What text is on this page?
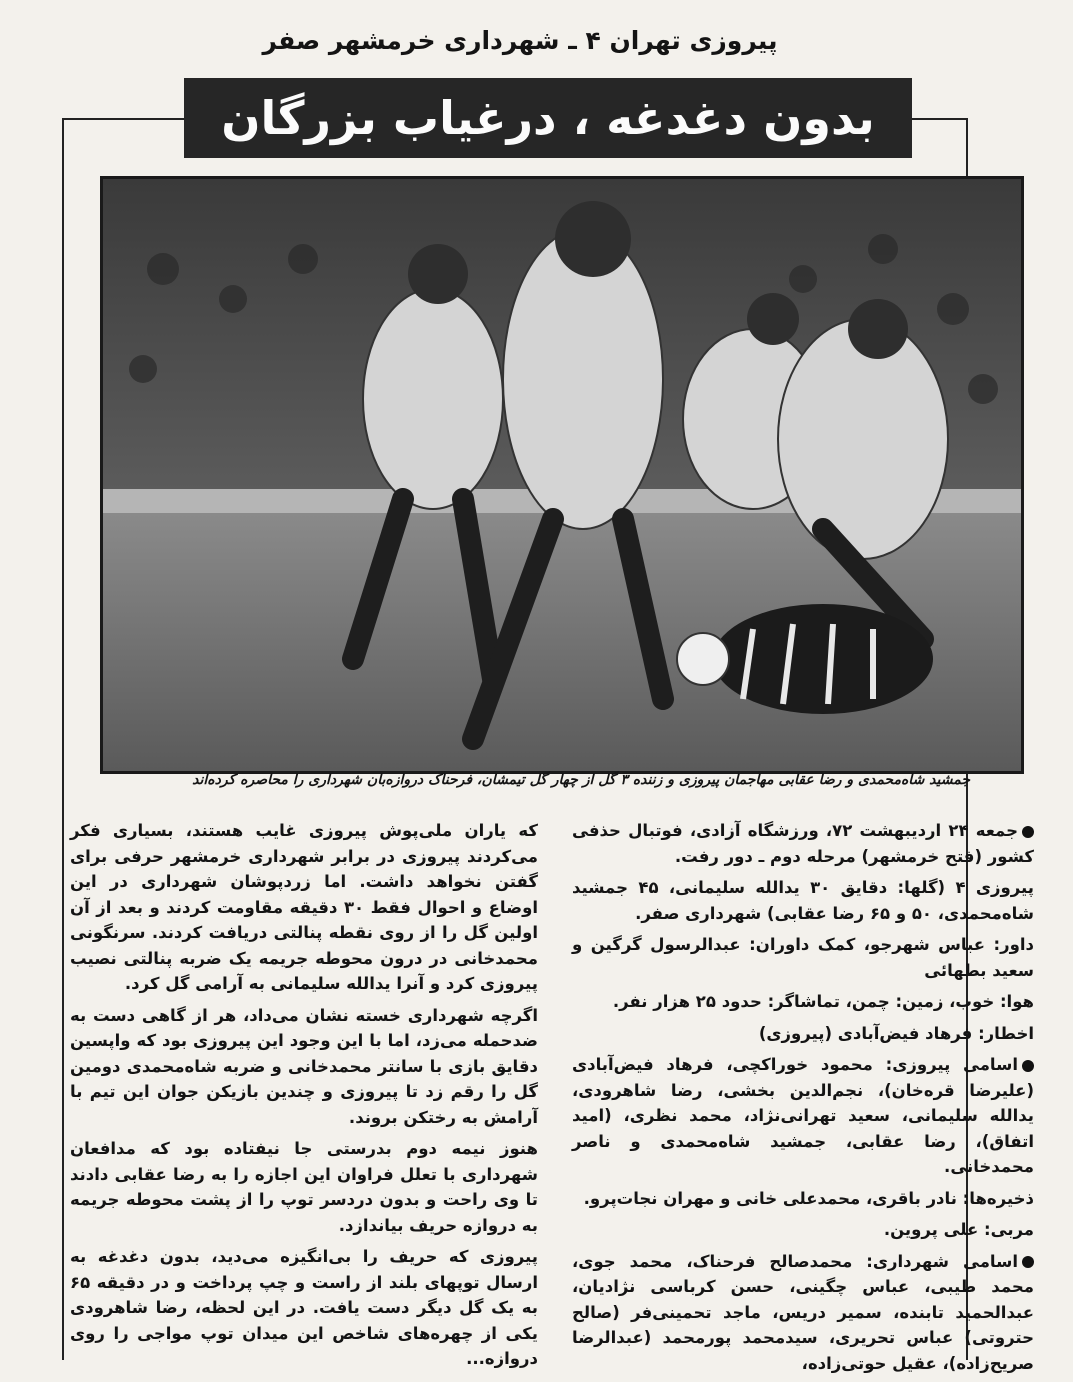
پیروزی تهران ۴ ـ شهرداری خرمشهر صفر
بدون دغدغه ، درغیاب بزرگان
جمشید شاه‌محمدی و رضا عقابی مهاجمان پیروزی و زننده ۳ گل از چهار گل تیمشان، فرحناک دروازه‌بان شهرداری را محاصره کرده‌اند

جمعه ۲۴ اردیبهشت ۷۲، ورزشگاه آزادی، فوتبال حذفی کشور (فتح خرمشهر) مرحله دوم ـ دور رفت.

پیروزی ۴ (گلها: دقایق ۳۰ یدالله سلیمانی، ۴۵ جمشید شاه‌محمدی، ۵۰ و ۶۵ رضا عقابی) شهرداری صفر.

داور: عباس شهرجو، کمک داوران: عبدالرسول گرگین و سعید بطهائی

هوا: خوب، زمین: چمن، تماشاگر: حدود ۲۵ هزار نفر.

اخطار: فرهاد فیض‌آبادی (پیروزی)

اسامی پیروزی: محمود خوراکچی، فرهاد فیض‌آبادی (علیرضا قره‌خان)، نجم‌الدین بخشی، رضا شاهرودی، یدالله سلیمانی، سعید تهرانی‌نژاد، محمد نظری، (امید اتفاق)، رضا عقابی، جمشید شاه‌محمدی و ناصر محمدخانی.

ذخیره‌ها: نادر باقری، محمدعلی خانی و مهران نجات‌پرو.

مربی: علی پروین.

اسامی شهرداری: محمدصالح فرحناک، محمد جوی، محمد طیبی، عباس چگینی، حسن کرباسی نژادیان، عبدالحمید تابنده، سمیر دریس، ماجد تحمینی‌فر (صالح حتروتی) عباس تحریری، سیدمحمد پورمحمد (عبدالرضا صریح‌زاده)، عقیل حوتی‌زاده،

که یاران ملی‌پوش پیروزی غایب هستند، بسیاری فکر می‌کردند پیروزی در برابر شهرداری خرمشهر حرفی برای گفتن نخواهد داشت. اما زردپوشان شهرداری در این اوضاع و احوال فقط ۳۰ دقیقه مقاومت کردند و بعد از آن اولین گل را از روی نقطه پنالتی دریافت کردند. سرنگونی محمدخانی در درون محوطه جریمه یک ضربه پنالتی نصیب پیروزی کرد و آنرا یدالله سلیمانی به آرامی گل کرد.

اگرچه شهرداری خسته نشان می‌داد، هر از گاهی دست به ضدحمله می‌زد، اما با این وجود این پیروزی بود که واپسین دقایق بازی با سانتر محمدخانی و ضربه شاه‌محمدی دومین گل را رقم زد تا پیروزی و چندین بازیکن جوان این تیم با آرامش به رختکن بروند.

هنوز نیمه دوم بدرستی جا نیفتاده بود که مدافعان شهرداری با تعلل فراوان این اجازه را به رضا عقابی دادند تا وی راحت و بدون دردسر توپ را از پشت محوطه جریمه به دروازه حریف بیاندازد.

پیروزی که حریف را بی‌انگیزه می‌دید، بدون دغدغه به ارسال توپهای بلند از راست و چپ پرداخت و در دقیقه ۶۵ به یک گل دیگر دست یافت. در این لحظه، رضا شاهرودی یکی از چهره‌های شاخص این میدان توپ مواجی را روی دروازه...
